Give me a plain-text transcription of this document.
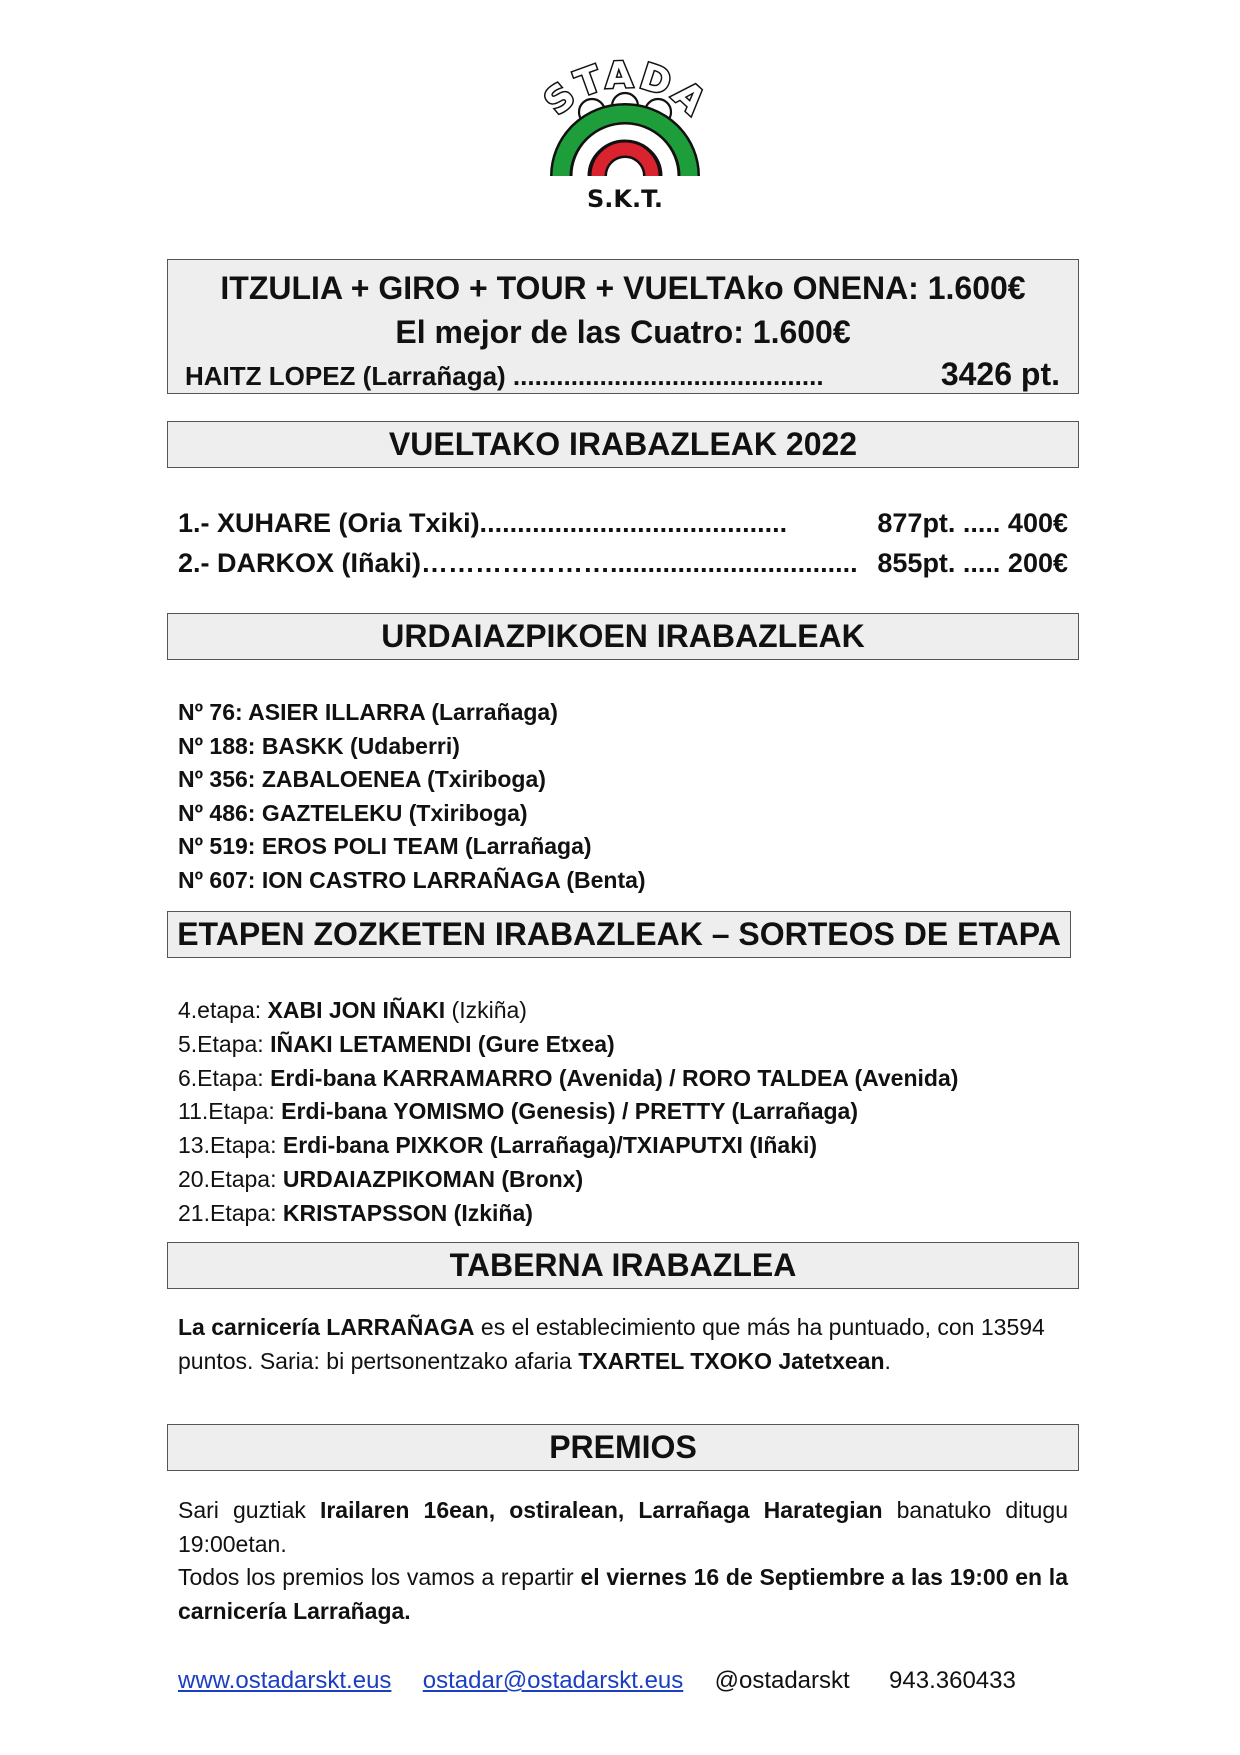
STADA
S.K.T.
ITZULIA + GIRO + TOUR + VUELTAko ONENA: 1.600€
El mejor de las Cuatro: 1.600€
HAITZ LOPEZ (Larrañaga) ...........................................	3426 pt.
VUELTAKO IRABAZLEAK 2022
1.- XUHARE (Oria Txiki).........................................	877pt. ..... 400€
2.- DARKOX (Iñaki)…………………................................. 855pt. ..... 200€
URDAIAZPIKOEN IRABAZLEAK
Nº 76: ASIER ILLARRA (Larrañaga)
Nº 188: BASKK (Udaberri)
Nº 356: ZABALOENEA (Txiriboga)
Nº 486: GAZTELEKU (Txiriboga)
Nº 519: EROS POLI TEAM (Larrañaga)
Nº 607: ION CASTRO LARRAÑAGA (Benta)
ETAPEN ZOZKETEN IRABAZLEAK – SORTEOS DE ETAPA
4.etapa: XABI JON IÑAKI (Izkiña)
5.Etapa: IÑAKI LETAMENDI (Gure Etxea)
6.Etapa: Erdi-bana KARRAMARRO (Avenida) / RORO TALDEA (Avenida)
11.Etapa: Erdi-bana YOMISMO (Genesis) / PRETTY (Larrañaga)
13.Etapa: Erdi-bana PIXKOR (Larrañaga)/TXIAPUTXI (Iñaki)
20.Etapa: URDAIAZPIKOMAN (Bronx)
21.Etapa: KRISTAPSSON (Izkiña)
TABERNA IRABAZLEA
La carnicería LARRAÑAGA es el establecimiento que más ha puntuado, con 13594 puntos. Saria: bi pertsonentzako afaria TXARTEL TXOKO Jatetxean.
PREMIOS
Sari guztiak Irailaren 16ean, ostiralean, Larrañaga Harategian banatuko ditugu 19:00etan.
Todos los premios los vamos a repartir el viernes 16 de Septiembre a las 19:00 en la carnicería Larrañaga.
www.ostadarskt.eus ostadar@ostadarskt.eus @ostadarskt 943.360433
